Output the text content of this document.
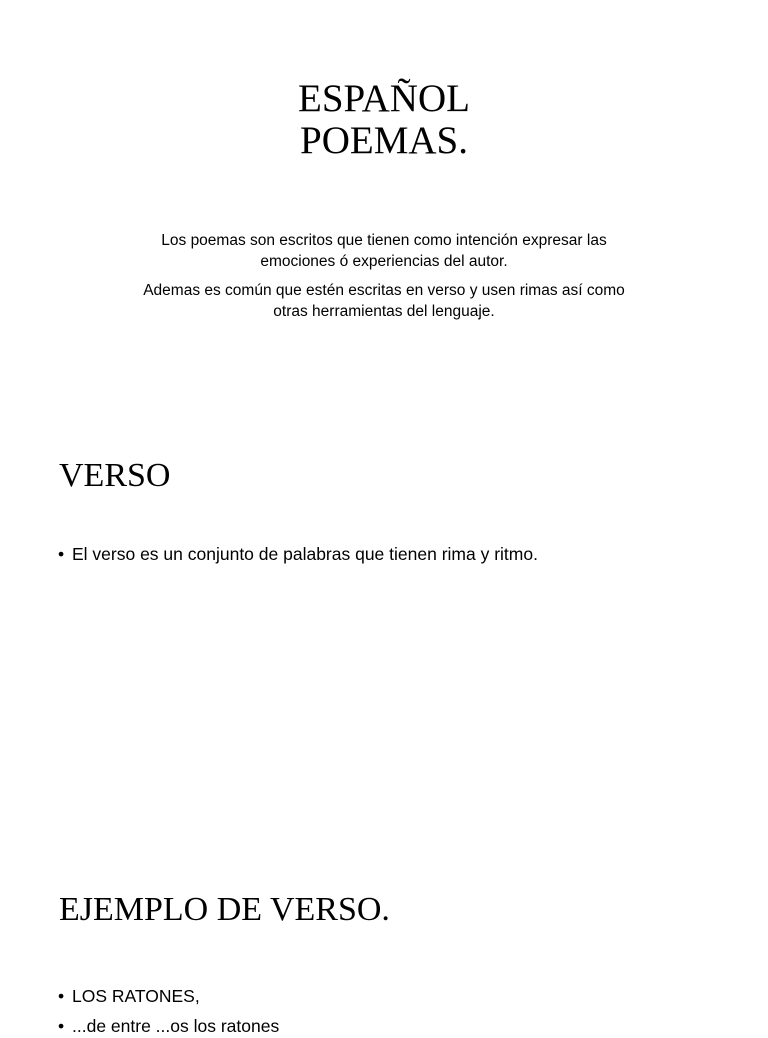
ESPAÑOL
POEMAS.
Los poemas son escritos que tienen como intención expresar las
emociones ó experiencias del autor.
Ademas es común que estén escritas en verso y usen rimas así como
otras herramientas del lenguaje.
VERSO
• El verso es un conjunto de palabras que tienen rima y ritmo.
EJEMPLO DE VERSO.
• LOS RATONES,
• ...de entre ...os los ratones
